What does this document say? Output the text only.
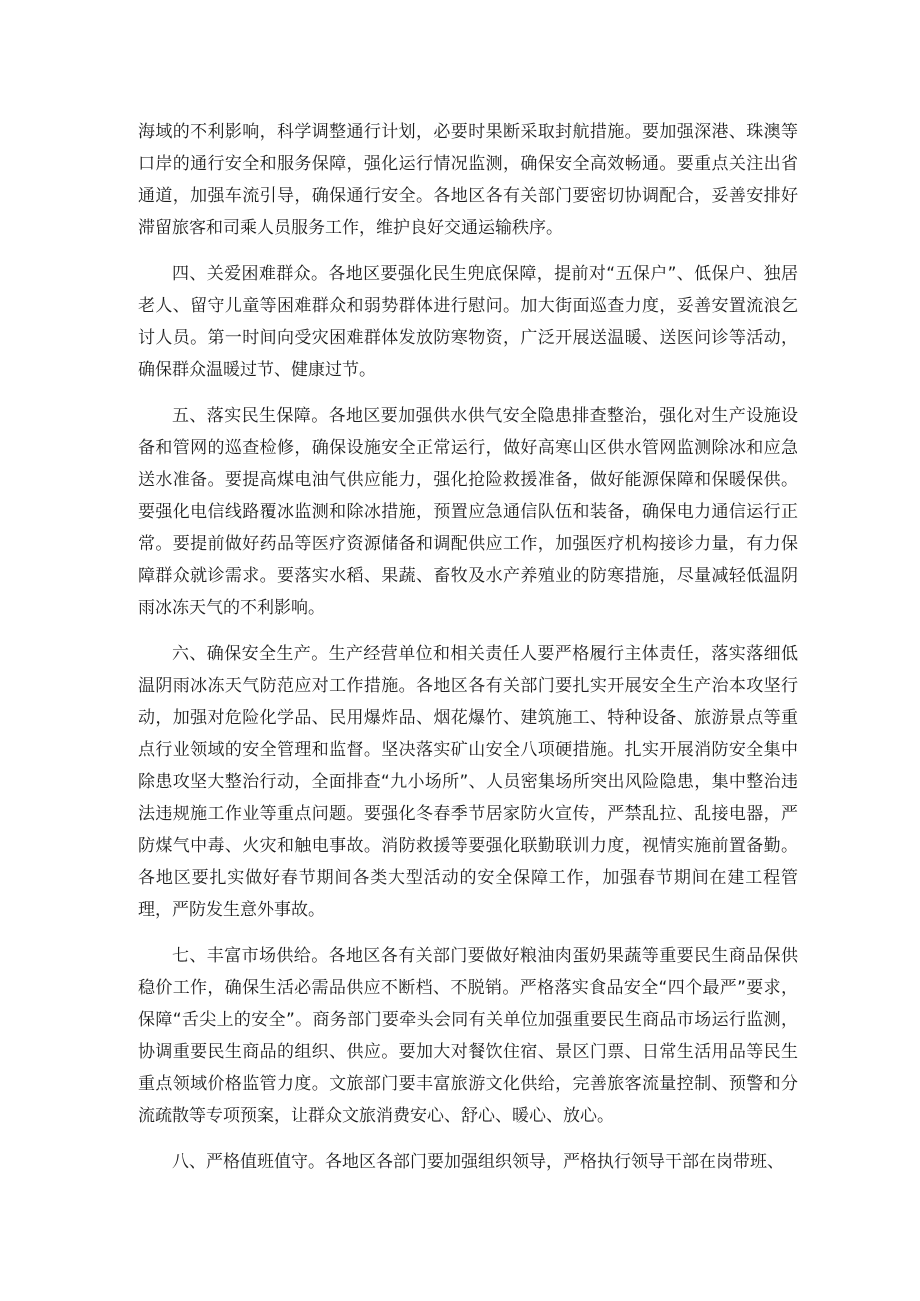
海域的不利影响，科学调整通行计划，必要时果断采取封航措施。要加强深港、珠澳等口岸的通行安全和服务保障，强化运行情况监测，确保安全高效畅通。要重点关注出省通道，加强车流引导，确保通行安全。各地区各有关部门要密切协调配合，妥善安排好滞留旅客和司乘人员服务工作，维护良好交通运输秩序。

四、关爱困难群众。各地区要强化民生兜底保障，提前对“五保户”、低保户、独居老人、留守儿童等困难群众和弱势群体进行慰问。加大街面巡查力度，妥善安置流浪乞讨人员。第一时间向受灾困难群体发放防寒物资，广泛开展送温暖、送医问诊等活动，确保群众温暖过节、健康过节。

五、落实民生保障。各地区要加强供水供气安全隐患排查整治，强化对生产设施设备和管网的巡查检修，确保设施安全正常运行，做好高寒山区供水管网监测除冰和应急送水准备。要提高煤电油气供应能力，强化抢险救援准备，做好能源保障和保暖保供。要强化电信线路覆冰监测和除冰措施，预置应急通信队伍和装备，确保电力通信运行正常。要提前做好药品等医疗资源储备和调配供应工作，加强医疗机构接诊力量，有力保障群众就诊需求。要落实水稻、果蔬、畜牧及水产养殖业的防寒措施，尽量减轻低温阴雨冰冻天气的不利影响。

六、确保安全生产。生产经营单位和相关责任人要严格履行主体责任，落实落细低温阴雨冰冻天气防范应对工作措施。各地区各有关部门要扎实开展安全生产治本攻坚行动，加强对危险化学品、民用爆炸品、烟花爆竹、建筑施工、特种设备、旅游景点等重点行业领域的安全管理和监督。坚决落实矿山安全八项硬措施。扎实开展消防安全集中除患攻坚大整治行动，全面排查“九小场所”、人员密集场所突出风险隐患，集中整治违法违规施工作业等重点问题。要强化冬春季节居家防火宣传，严禁乱拉、乱接电器，严防煤气中毒、火灾和触电事故。消防救援等要强化联勤联训力度，视情实施前置备勤。各地区要扎实做好春节期间各类大型活动的安全保障工作，加强春节期间在建工程管理，严防发生意外事故。

七、丰富市场供给。各地区各有关部门要做好粮油肉蛋奶果蔬等重要民生商品保供稳价工作，确保生活必需品供应不断档、不脱销。严格落实食品安全“四个最严”要求，保障“舌尖上的安全”。商务部门要牵头会同有关单位加强重要民生商品市场运行监测，协调重要民生商品的组织、供应。要加大对餐饮住宿、景区门票、日常生活用品等民生重点领域价格监管力度。文旅部门要丰富旅游文化供给，完善旅客流量控制、预警和分流疏散等专项预案，让群众文旅消费安心、舒心、暖心、放心。

八、严格值班值守。各地区各部门要加强组织领导，严格执行领导干部在岗带班、
